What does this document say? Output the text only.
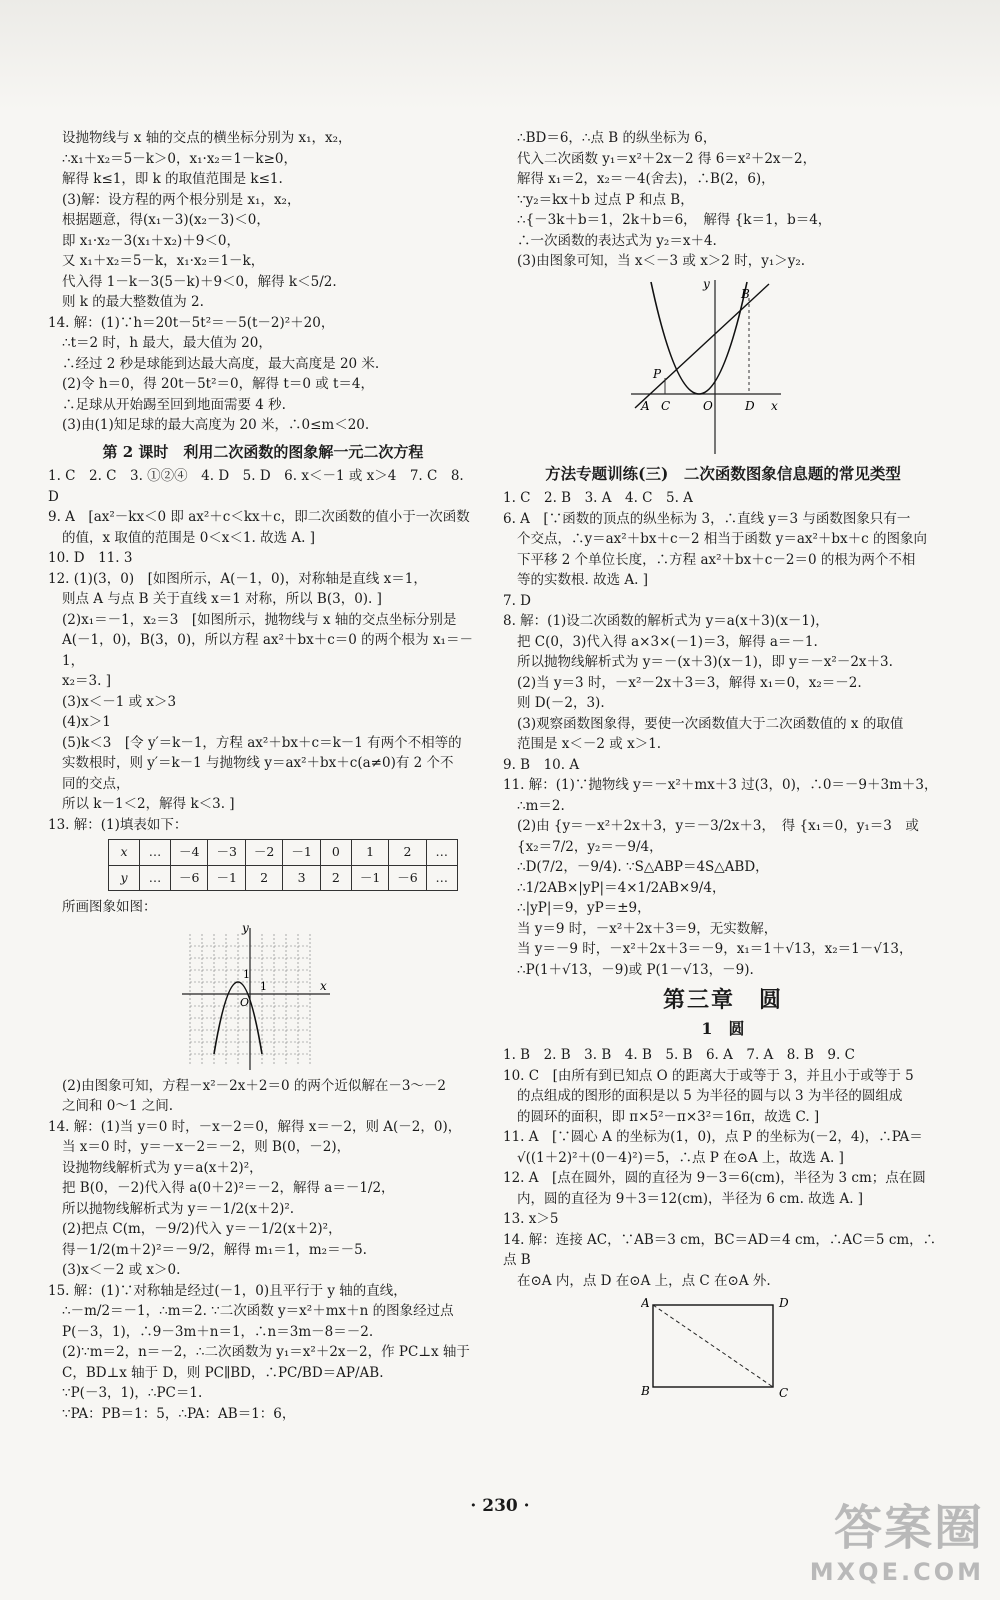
设抛物线与 x 轴的交点的横坐标分别为 x₁，x₂，
∴x₁＋x₂＝5－k＞0，x₁·x₂＝1－k≥0，
解得 k≤1，即 k 的取值范围是 k≤1.
(3)解：设方程的两个根分别是 x₁，x₂，
根据题意，得(x₁－3)(x₂－3)＜0，
即 x₁·x₂－3(x₁＋x₂)＋9＜0，
又 x₁＋x₂＝5－k，x₁·x₂＝1－k，
代入得 1－k－3(5－k)＋9＜0，解得 k＜5/2.
则 k 的最大整数值为 2.
14. 解：(1)∵h＝20t－5t²＝－5(t－2)²＋20，
∴t＝2 时，h 最大，最大值为 20，
∴经过 2 秒是球能到达最大高度，最大高度是 20 米.
(2)令 h＝0，得 20t－5t²＝0，解得 t＝0 或 t＝4，
∴足球从开始踢至回到地面需要 4 秒.
(3)由(1)知足球的最大高度为 20 米，∴0≤m＜20.
第 2 课时　利用二次函数的图象解一元二次方程
1. C　2. C　3. ①②④　4. D　5. D　6. x＜－1 或 x＞4　7. C　8. D
9. A　[ax²－kx＜0 即 ax²＋c＜kx＋c，即二次函数的值小于一次函数
的值，x 取值的范围是 0＜x＜1. 故选 A. ]
10. D　11. 3
12. (1)(3，0)　[如图所示，A(－1，0)，对称轴是直线 x＝1，
则点 A 与点 B 关于直线 x＝1 对称，所以 B(3，0). ]
(2)x₁＝－1，x₂＝3　[如图所示，抛物线与 x 轴的交点坐标分别是
A(－1，0)，B(3，0)，所以方程 ax²＋bx＋c＝0 的两个根为 x₁＝－1，
x₂＝3. ]
(3)x＜－1 或 x＞3
(4)x＞1
(5)k＜3　[令 y′＝k－1，方程 ax²＋bx＋c＝k－1 有两个不相等的
实数根时，则 y′＝k－1 与抛物线 y＝ax²＋bx＋c(a≠0)有 2 个不
同的交点，
所以 k－1＜2，解得 k＜3. ]
13. 解：(1)填表如下：
x	…	－4	－3	－2	－1	0	1	2	…
y	…	－6	－1	2	3	2	－1	－6	…
所画图象如图：
y
1
O
1	x
(2)由图象可知，方程－x²－2x＋2＝0 的两个近似解在－3～－2
之间和 0～1 之间.
14. 解：(1)当 y＝0 时，－x－2＝0，解得 x＝－2，则 A(－2，0)，
当 x＝0 时，y＝－x－2＝－2，则 B(0，－2)，
设抛物线解析式为 y＝a(x＋2)²，
把 B(0，－2)代入得 a(0＋2)²＝－2，解得 a＝－1/2，
所以抛物线解析式为 y＝－1/2(x＋2)².
(2)把点 C(m，－9/2)代入 y＝－1/2(x＋2)²，
得－1/2(m＋2)²＝－9/2，解得 m₁＝1，m₂＝－5.
(3)x＜－2 或 x＞0.
15. 解：(1)∵对称轴是经过(－1，0)且平行于 y 轴的直线，
∴－m/2＝－1，∴m＝2. ∵二次函数 y＝x²＋mx＋n 的图象经过点
P(－3，1)，∴9－3m＋n＝1，∴n＝3m－8＝－2.
(2)∵m＝2，n＝－2，∴二次函数为 y₁＝x²＋2x－2，作 PC⊥x 轴于
C，BD⊥x 轴于 D，则 PC∥BD，∴PC/BD＝AP/AB.
∵P(－3，1)，∴PC＝1.
∵PA：PB＝1：5，∴PA：AB＝1：6，
∴BD＝6，∴点 B 的纵坐标为 6，
代入二次函数 y₁＝x²＋2x－2 得 6＝x²＋2x－2，
解得 x₁＝2，x₂＝－4(舍去)，∴B(2，6)，
∵y₂＝kx＋b 过点 P 和点 B，
∴{－3k＋b＝1，2k＋b＝6，　解得 {k＝1，b＝4，
∴一次函数的表达式为 y₂＝x＋4.
(3)由图象可知，当 x＜－3 或 x＞2 时，y₁＞y₂.
y
B
P
A C	O	D x
方法专题训练(三)　二次函数图象信息题的常见类型
1. C　2. B　3. A　4. C　5. A
6. A　[∵函数的顶点的纵坐标为 3，∴直线 y＝3 与函数图象只有一
个交点，∴y＝ax²＋bx＋c－2 相当于函数 y＝ax²＋bx＋c 的图象向
下平移 2 个单位长度，∴方程 ax²＋bx＋c－2＝0 的根为两个不相
等的实数根. 故选 A. ]
7. D
8. 解：(1)设二次函数的解析式为 y＝a(x＋3)(x－1)，
把 C(0，3)代入得 a×3×(－1)＝3，解得 a＝－1.
所以抛物线解析式为 y＝－(x＋3)(x－1)，即 y＝－x²－2x＋3.
(2)当 y＝3 时，－x²－2x＋3＝3，解得 x₁＝0，x₂＝－2.
则 D(－2，3).
(3)观察函数图象得，要使一次函数值大于二次函数值的 x 的取值
范围是 x＜－2 或 x＞1.
9. B　10. A
11. 解：(1)∵抛物线 y＝－x²＋mx＋3 过(3，0)，∴0＝－9＋3m＋3，
∴m＝2.
(2)由 {y＝－x²＋2x＋3，y＝－3/2x＋3，　得 {x₁＝0，y₁＝3　或 {x₂＝7/2，y₂＝－9/4，
∴D(7/2，－9/4). ∵S△ABP＝4S△ABD，
∴1/2AB×|yP|＝4×1/2AB×9/4，
∴|yP|＝9，yP＝±9，
当 y＝9 时，－x²＋2x＋3＝9，无实数解，
当 y＝－9 时，－x²＋2x＋3＝－9，x₁＝1＋√13，x₂＝1－√13，
∴P(1＋√13，－9)或 P(1－√13，－9).
第三章　圆
1　圆
1. B　2. B　3. B　4. B　5. B　6. A　7. A　8. B　9. C
10. C　[由所有到已知点 O 的距离大于或等于 3，并且小于或等于 5
的点组成的图形的面积是以 5 为半径的圆与以 3 为半径的圆组成
的圆环的面积，即 π×5²－π×3²＝16π，故选 C. ]
11. A　[∵圆心 A 的坐标为(1，0)，点 P 的坐标为(－2，4)，∴PA＝
√((1＋2)²＋(0－4)²)＝5，∴点 P 在⊙A 上，故选 A. ]
12. A　[点在圆外，圆的直径为 9－3＝6(cm)，半径为 3 cm；点在圆
内，圆的直径为 9＋3＝12(cm)，半径为 6 cm. 故选 A. ]
13. x＞5
14. 解：连接 AC，∵AB＝3 cm，BC＝AD＝4 cm，∴AC＝5 cm，∴点 B
在⊙A 内，点 D 在⊙A 上，点 C 在⊙A 外.
A	D
B	C
· 230 ·	答案圈
MXQE.COM
